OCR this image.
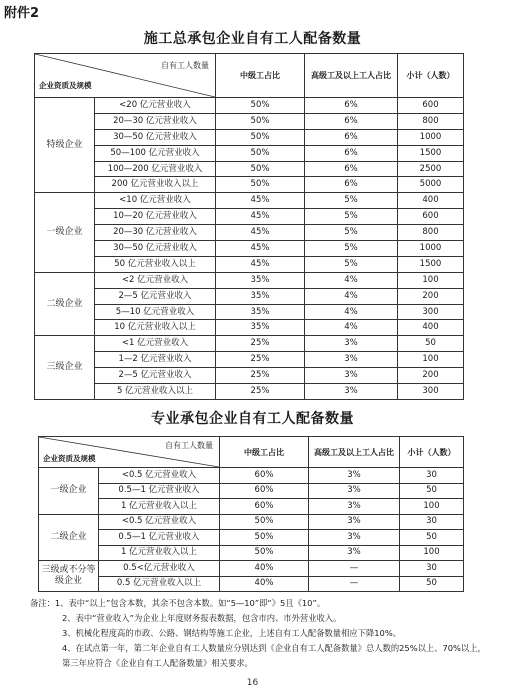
附件2
施工总承包企业自有工人配备数量
自有工人数量
企业资质及规模		中级工占比	高级工及以上工人占比	小计（人数）
特级企业	<20 亿元营业收入	50%	6%	600
	20—30 亿元营业收入	50%	6%	800
	30—50 亿元营业收入	50%	6%	1000
	50—100 亿元营业收入	50%	6%	1500
	100—200 亿元营业收入	50%	6%	2500
	200 亿元营业收入以上	50%	6%	5000
一级企业	<10 亿元营业收入	45%	5%	400
	10—20 亿元营业收入	45%	5%	600
	20—30 亿元营业收入	45%	5%	800
	30—50 亿元营业收入	45%	5%	1000
	50 亿元营业收入以上	45%	5%	1500
二级企业	<2 亿元营业收入	35%	4%	100
	2—5 亿元营业收入	35%	4%	200
	5—10 亿元营业收入	35%	4%	300
	10 亿元营业收入以上	35%	4%	400
三级企业	<1 亿元营业收入	25%	3%	50
	1—2 亿元营业收入	25%	3%	100
	2—5 亿元营业收入	25%	3%	200
	5 亿元营业收入以上	25%	3%	300
专业承包企业自有工人配备数量
自有工人数量
企业资质及规模		中级工占比	高级工及以上工人占比	小计（人数）
一级企业	<0.5 亿元营业收入	60%	3%	30
	0.5—1 亿元营业收入	60%	3%	50
	1 亿元营业收入以上	60%	3%	100
二级企业	<0.5 亿元营业收入	50%	3%	30
	0.5—1 亿元营业收入	50%	3%	50
	1 亿元营业收入以上	50%	3%	100
三级或不分等级企业	0.5<亿元营业收入	40%	—	30
	0.5 亿元营业收入以上	40%	—	50

备注：1、表中“以上”包含本数，其余不包含本数。如“5—10”即“》5且《10”。

2、表中“营业收入”为企业上年度财务报表数据，包含市内、市外营业收入。

3、机械化程度高的市政、公路、钢结构等施工企业，上述自有工人配备数量相应下降10%。

4、在试点第一年，第二年企业自有工人数量应分别达到《企业自有工人配备数量》总人数的25%以上、70%以上，第三年应符合《企业自有工人配备数量》相关要求。

16
